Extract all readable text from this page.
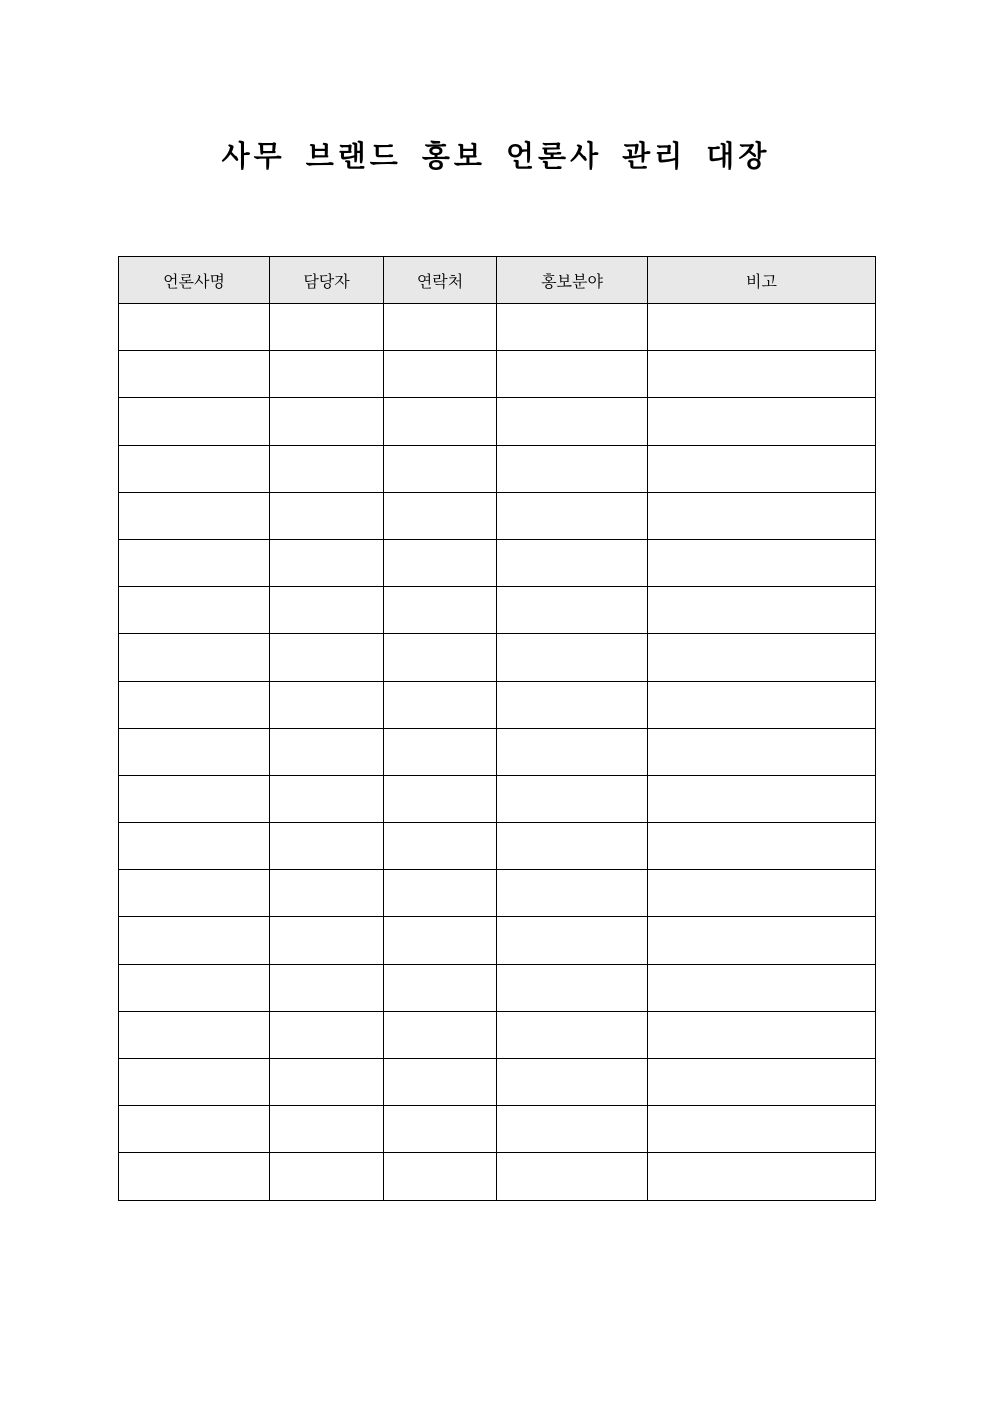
사무 브랜드 홍보 언론사 관리 대장
언론사명	담당자	연락처	홍보분야	비고
